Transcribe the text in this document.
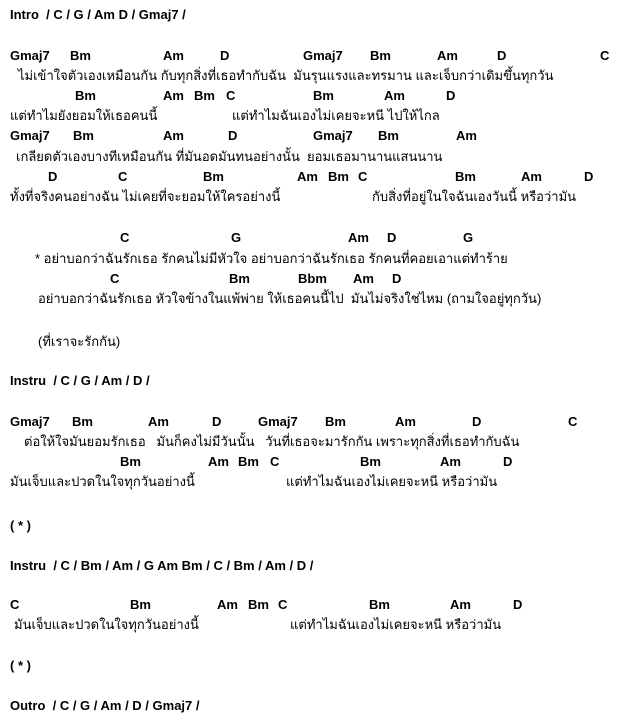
Intro  / C / G / Am D / Gmaj7 /
Gmaj7 Bm	Am	D	Gmaj7 Bm	Am	D	C
ไม่เข้าใจตัวเองเหมือนกัน กับทุกสิ่งที่เธอทำกับฉัน  มันรุนแรงและทรมาน และเจ็บกว่าเดิมขึ้นทุกวัน
Bm	Am Bm C	Bm	Am	D
แต่ทำไมยังยอมให้เธอคนนี้	แต่ทำไมฉันเองไม่เคยจะหนี ไปให้ไกล
Gmaj7 Bm	Am	D	Gmaj7 Bm	Am
เกลียดตัวเองบางทีเหมือนกัน ที่มันอดมันทนอย่างนั้น  ยอมเธอมานานแสนนาน
D	C	Bm	Am Bm C	Bm	Am	D
ทั้งที่จริงคนอย่างฉัน ไม่เคยที่จะยอมให้ใครอย่างนี้	กับสิ่งที่อยู่ในใจฉันเองวันนี้ หรือว่ามัน
C	G	Am D	G
* อย่าบอกว่าฉันรักเธอ รักคนไม่มีหัวใจ อย่าบอกว่าฉันรักเธอ รักคนที่คอยเอาแต่ทำร้าย
C	Bm	Bbm Am D
อย่าบอกว่าฉันรักเธอ หัวใจข้างในแพ้พ่าย ให้เธอคนนี้ไป  มันไม่จริงใช่ไหม (ถามใจอยู่ทุกวัน)
(ที่เราจะรักกัน)
Instru  / C / G / Am / D /
Gmaj7 Bm	Am	D	Gmaj7 Bm	Am	D	C
ต่อให้ใจมันยอมรักเธอ   มันก็คงไม่มีวันนั้น   วันที่เธอจะมารักกัน เพราะทุกสิ่งที่เธอทำกับฉัน
Bm	Am Bm C	Bm	Am	D
มันเจ็บและปวดในใจทุกวันอย่างนี้	แต่ทำไมฉันเองไม่เคยจะหนี หรือว่ามัน
( * )
Instru  / C / Bm / Am / G Am Bm / C / Bm / Am / D /
C	Bm	Am Bm C	Bm	Am	D
มันเจ็บและปวดในใจทุกวันอย่างนี้	แต่ทำไมฉันเองไม่เคยจะหนี หรือว่ามัน
( * )
Outro  / C / G / Am / D / Gmaj7 /
